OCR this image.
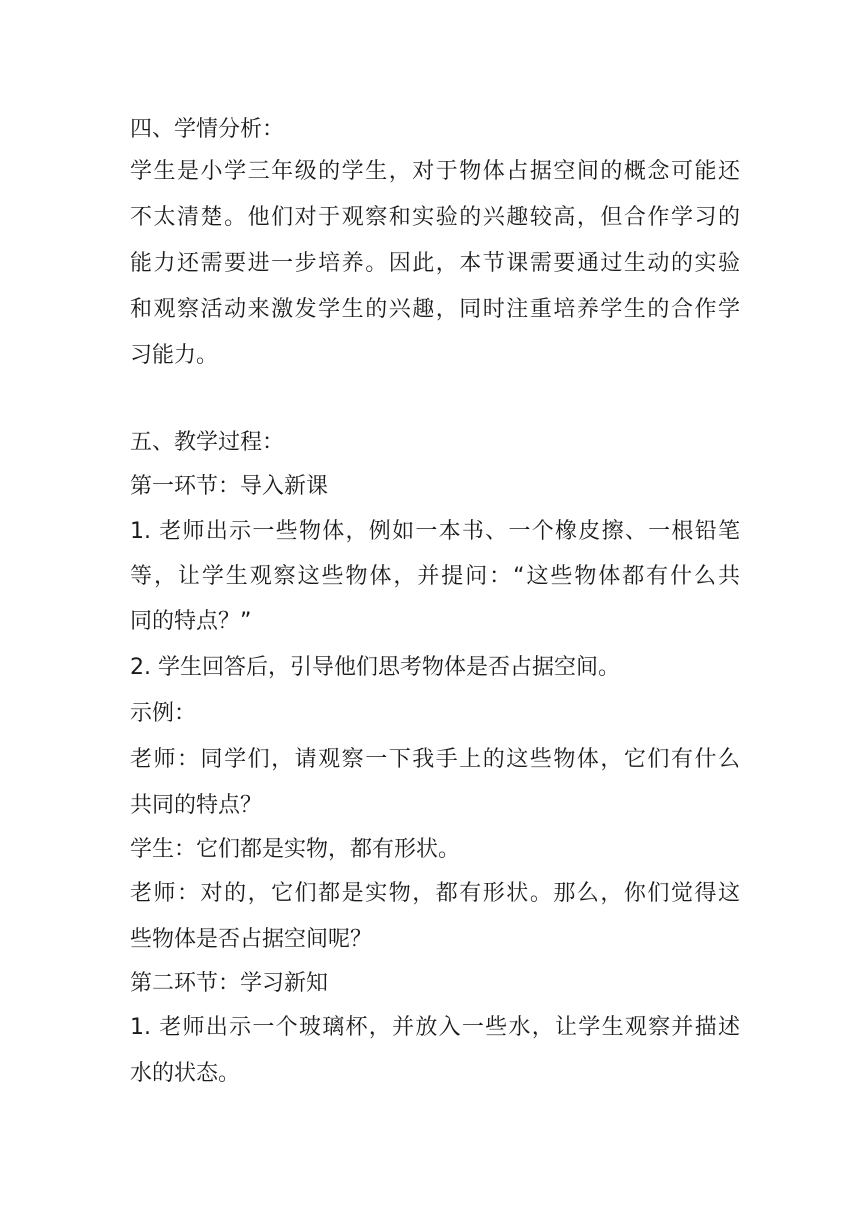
四、学情分析：
学生是小学三年级的学生，对于物体占据空间的概念可能还
不太清楚。他们对于观察和实验的兴趣较高，但合作学习的
能力还需要进一步培养。因此，本节课需要通过生动的实验
和观察活动来激发学生的兴趣，同时注重培养学生的合作学
习能力。
五、教学过程：
第一环节：导入新课
1. 老师出示一些物体，例如一本书、一个橡皮擦、一根铅笔
等，让学生观察这些物体，并提问：“这些物体都有什么共
同的特点？”
2. 学生回答后，引导他们思考物体是否占据空间。
示例：
老师：同学们，请观察一下我手上的这些物体，它们有什么
共同的特点？
学生：它们都是实物，都有形状。
老师：对的，它们都是实物，都有形状。那么，你们觉得这
些物体是否占据空间呢？
第二环节：学习新知
1. 老师出示一个玻璃杯，并放入一些水，让学生观察并描述
水的状态。
